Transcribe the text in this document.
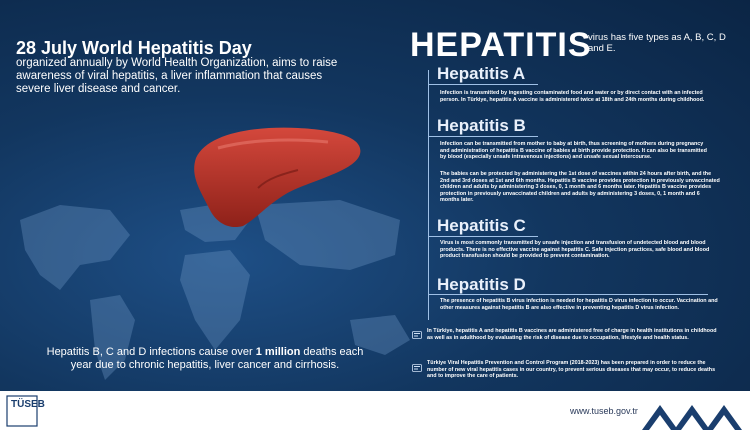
28 July World Hepatitis Day
organized annually by World Health Organization, aims to raise awareness of viral hepatitis, a liver inflammation that causes severe liver disease and cancer.
Hepatitis B, C and D infections cause over 1 million deaths each year due to chronic hepatitis, liver cancer and cirrhosis.
HEPATITIS
virus has five types as A, B, C, D and E.
Hepatitis A
Infection is transmitted by ingesting contaminated food and water or by direct contact with an infected person. In Türkiye, hepatitis A vaccine is administered twice at 18th and 24th months during childhood.
Hepatitis B
Infection can be transmitted from mother to baby at birth, thus screening of mothers during pregnancy and administration of hepatitis B vaccine of babies at birth provide protection. It can also be transmitted by blood (especially unsafe intravenous injections) and unsafe sexual intercourse.
The babies can be protected by administering the 1st dose of vaccines within 24 hours after birth, and the 2nd and 3rd doses at 1st and 6th months. Hepatitis B vaccine provides protection in previously unvaccinated children and adults by administering 3 doses, 0, 1 month and 6 months later. Hepatitis B vaccine provides protection in previously unvaccinated children and adults by administering 3 doses, 0, 1 month and 6 months later.
Hepatitis C
Virus is most commonly transmitted by unsafe injection and transfusion of undetected blood and blood products. There is no effective vaccine against hepatitis C. Safe injection practices, safe blood and blood product transfusion should be provided to prevent contamination.
Hepatitis D
The presence of hepatitis B virus infection is needed for hepatitis D virus infection to occur. Vaccination and other measures against hepatitis B are also effective in preventing hepatitis D virus infection.
In Türkiye, hepatitis A and hepatitis B vaccines are administered free of charge in health institutions in childhood as well as in adulthood by evaluating the risk of disease due to occupation, lifestyle and health status.
Türkiye Viral Hepatitis Prevention and Control Program (2018-2023) has been prepared in order to reduce the number of new viral hepatitis cases in our country, to prevent serious diseases that may occur, to reduce deaths and to improve the care of patients.
TÜSEB
www.tuseb.gov.tr
